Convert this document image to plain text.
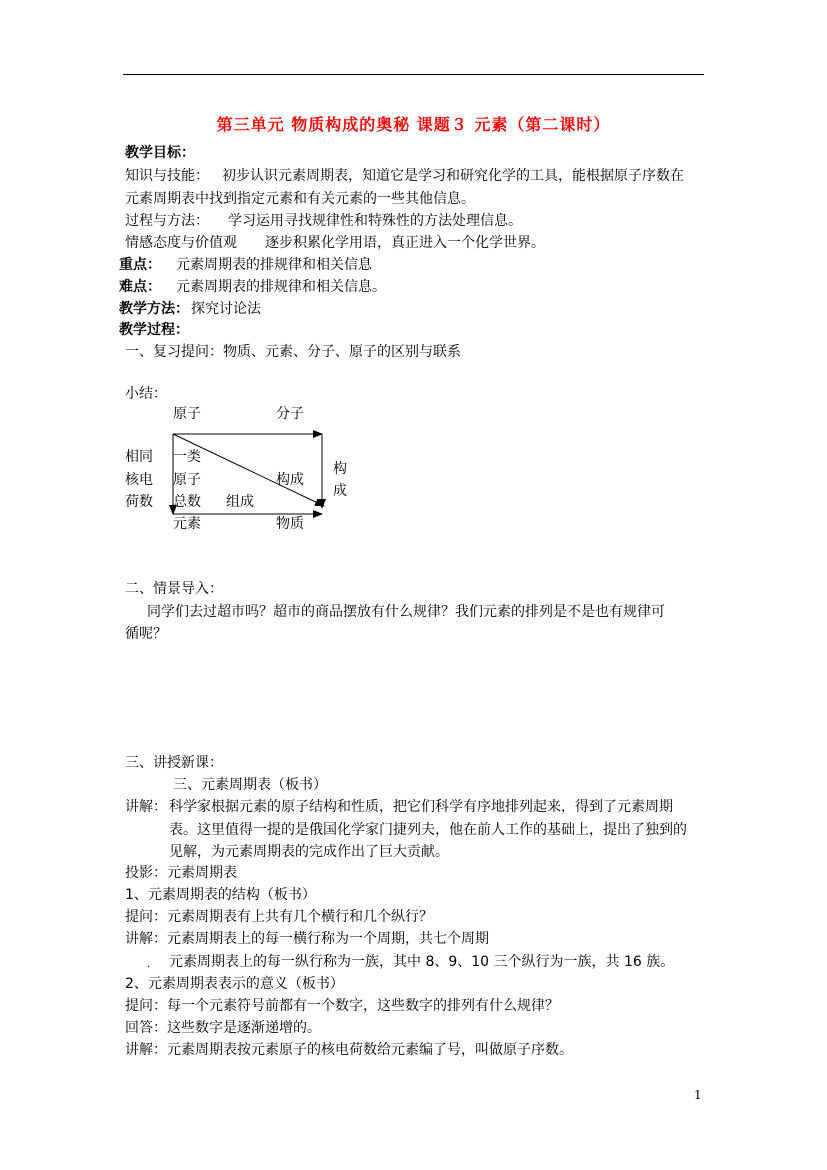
第三单元 物质构成的奥秘 课题３ 元素（第二课时）
教学目标：
知识与技能： 初步认识元素周期表，知道它是学习和研究化学的工具，能根据原子序数在
元素周期表中找到指定元素和有关元素的一些其他信息。
过程与方法： 学习运用寻找规律性和特殊性的方法处理信息。
情感态度与价值观 逐步积累化学用语，真正进入一个化学世界。
重点： 元素周期表的排规律和相关信息
难点： 元素周期表的排规律和相关信息。
教学方法： 探究讨论法
教学过程：
一、复习提问：物质、元素、分子、原子的区别与联系
小结：
原子	分子
相同
核电
荷数
一类
原子
总数 组成
构成
构
成
元素	物质
二、情景导入：
同学们去过超市吗？超市的商品摆放有什么规律？我们元素的排列是不是也有规律可
循呢？
三、讲授新课：
三、元素周期表（板书）
讲解： 科学家根据元素的原子结构和性质，把它们科学有序地排列起来，得到了元素周期
表。这里值得一提的是俄国化学家门捷列夫，他在前人工作的基础上，提出了独到的
见解，为元素周期表的完成作出了巨大贡献。
投影：元素周期表
1、元素周期表的结构（板书）
提问：元素周期表有上共有几个横行和几个纵行？
讲解：元素周期表上的每一横行称为一个周期，共七个周期
. 元素周期表上的每一纵行称为一族，其中 8、9、10 三个纵行为一族，共 16 族。
2、元素周期表表示的意义（板书）
提问：每一个元素符号前都有一个数字，这些数字的排列有什么规律？
回答：这些数字是逐渐递增的。
讲解：元素周期表按元素原子的核电荷数给元素编了号，叫做原子序数。
1
